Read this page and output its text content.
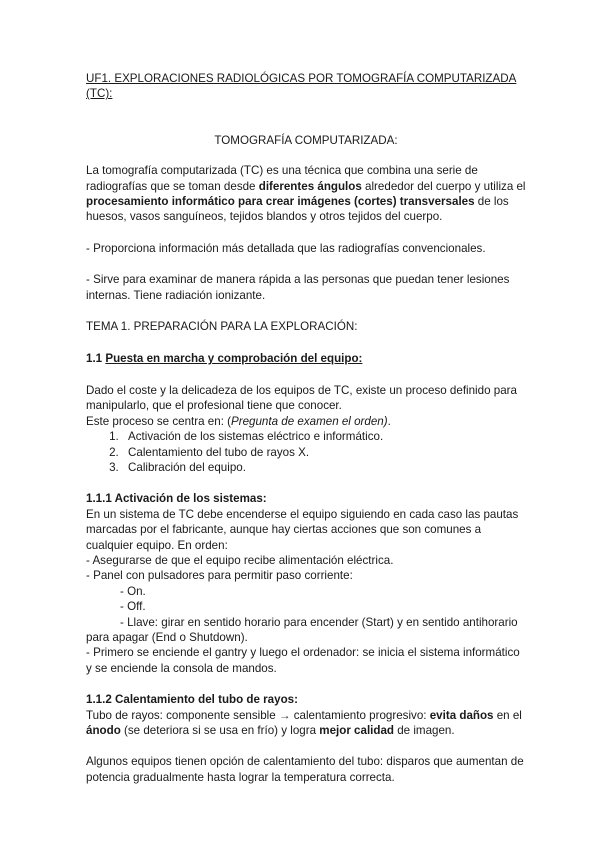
UF1. EXPLORACIONES RADIOLÓGICAS POR TOMOGRAFÍA COMPUTARIZADA (TC):

TOMOGRAFÍA COMPUTARIZADA:

La tomografía computarizada (TC) es una técnica que combina una serie de radiografías que se toman desde diferentes ángulos alrededor del cuerpo y utiliza el procesamiento informático para crear imágenes (cortes) transversales de los huesos, vasos sanguíneos, tejidos blandos y otros tejidos del cuerpo.

- Proporciona información más detallada que las radiografías convencionales.

- Sirve para examinar de manera rápida a las personas que puedan tener lesiones internas. Tiene radiación ionizante.

TEMA 1. PREPARACIÓN PARA LA EXPLORACIÓN:

1.1 Puesta en marcha y comprobación del equipo:

Dado el coste y la delicadeza de los equipos de TC, existe un proceso definido para manipularlo, que el profesional tiene que conocer.

Este proceso se centra en: (Pregunta de examen el orden).

1. Activación de los sistemas eléctrico e informático.
2. Calentamiento del tubo de rayos X.
3. Calibración del equipo.

1.1.1 Activación de los sistemas:

En un sistema de TC debe encenderse el equipo siguiendo en cada caso las pautas marcadas por el fabricante, aunque hay ciertas acciones que son comunes a cualquier equipo. En orden:

- Asegurarse de que el equipo recibe alimentación eléctrica.

- Panel con pulsadores para permitir paso corriente:

- On.

- Off.

- Llave: girar en sentido horario para encender (Start) y en sentido antihorario para apagar (End o Shutdown).

- Primero se enciende el gantry y luego el ordenador: se inicia el sistema informático y se enciende la consola de mandos.

1.1.2 Calentamiento del tubo de rayos:

Tubo de rayos: componente sensible → calentamiento progresivo: evita daños en el ánodo (se deteriora si se usa en frío) y logra mejor calidad de imagen.

Algunos equipos tienen opción de calentamiento del tubo: disparos que aumentan de potencia gradualmente hasta lograr la temperatura correcta.
